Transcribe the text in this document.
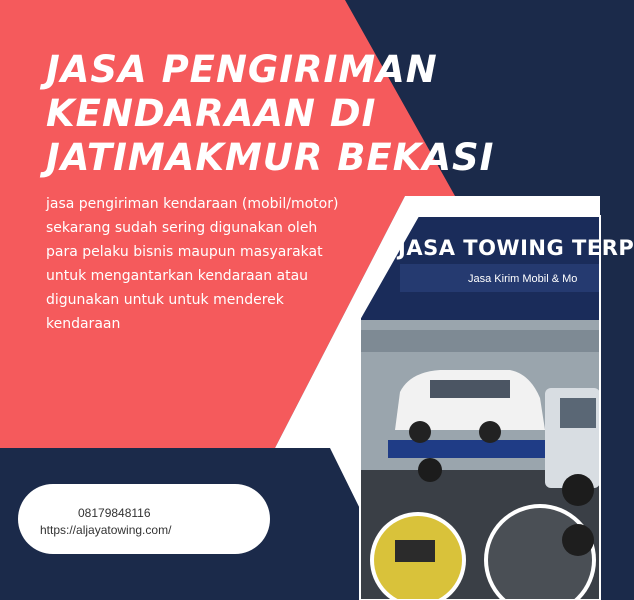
JASA TOWING TERP
Jasa Kirim Mobil & Mo
JASA PENGIRIMAN KENDARAAN DI JATIMAKMUR BEKASI

jasa pengiriman kendaraan (mobil/motor) sekarang sudah sering digunakan oleh para pelaku bisnis maupun masyarakat untuk mengantarkan kendaraan atau digunakan untuk untuk menderek kendaraan

08179848116
https://aljayatowing.com/
